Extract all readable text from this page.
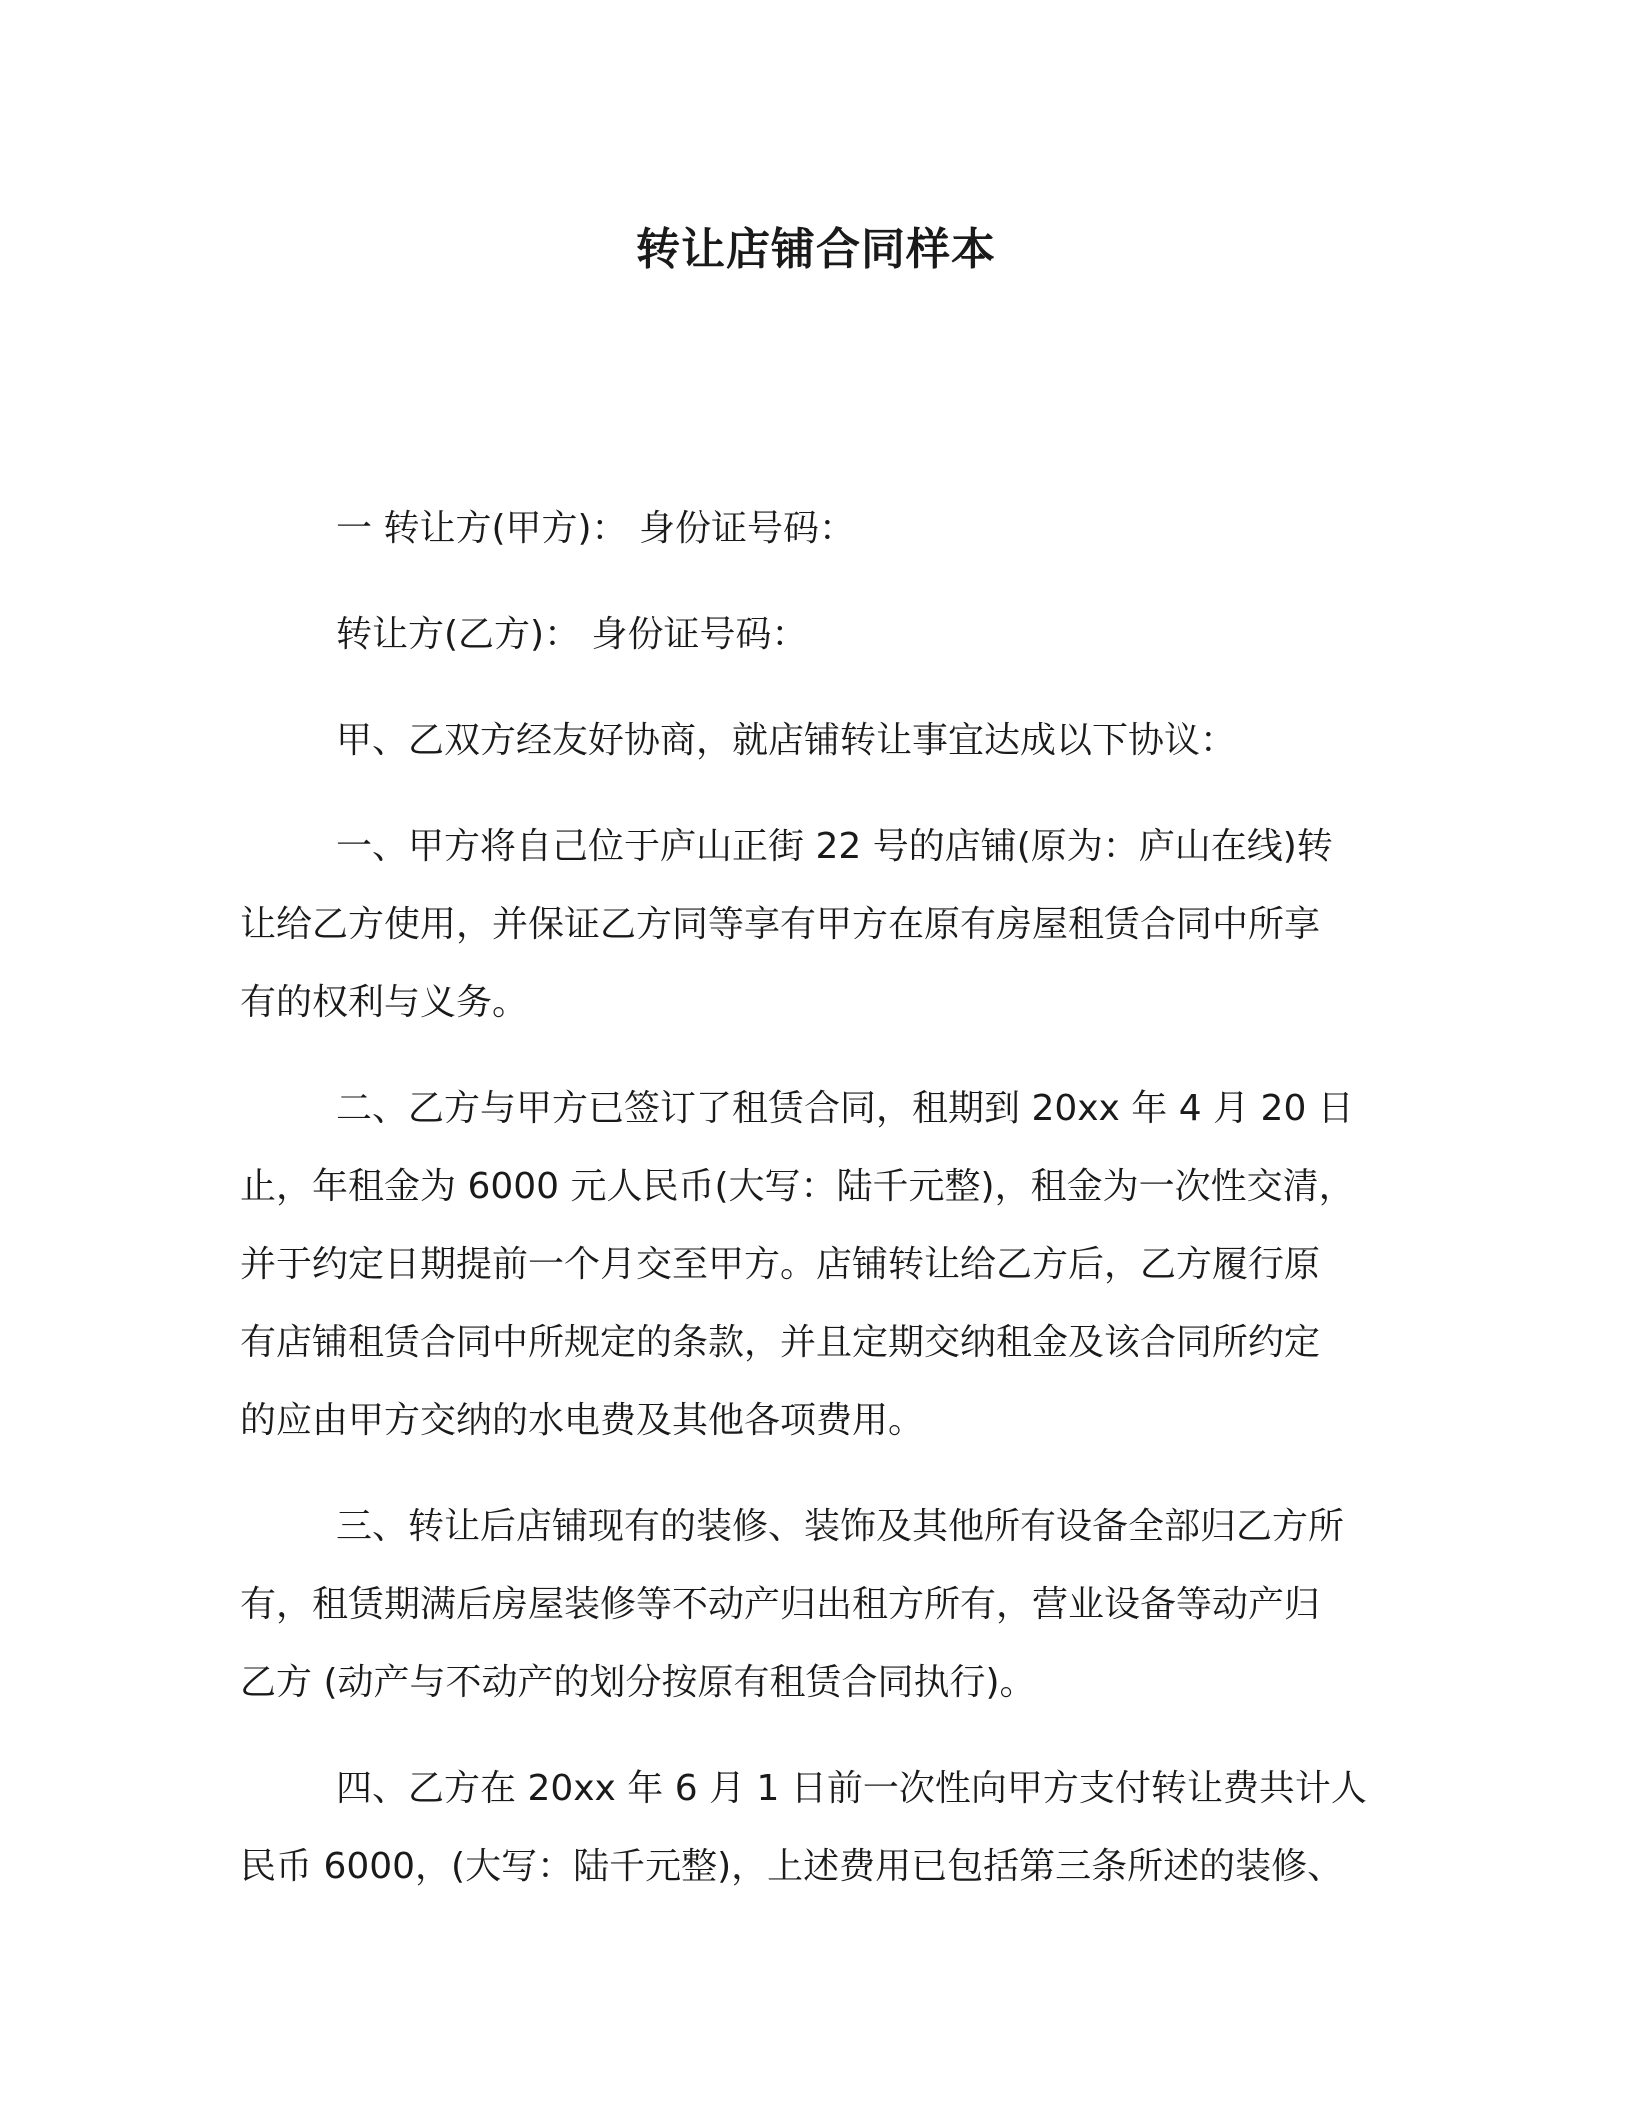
转让店铺合同样本

一 转让方(甲方)： 身份证号码：

转让方(乙方)： 身份证号码：

甲、乙双方经友好协商，就店铺转让事宜达成以下协议：

一、甲方将自己位于庐山正街 22 号的店铺(原为：庐山在线)转

让给乙方使用，并保证乙方同等享有甲方在原有房屋租赁合同中所享

有的权利与义务。

二、乙方与甲方已签订了租赁合同，租期到 20xx 年 4 月 20 日

止，年租金为 6000 元人民币(大写：陆千元整)，租金为一次性交清，

并于约定日期提前一个月交至甲方。店铺转让给乙方后，乙方履行原

有店铺租赁合同中所规定的条款，并且定期交纳租金及该合同所约定

的应由甲方交纳的水电费及其他各项费用。

三、转让后店铺现有的装修、装饰及其他所有设备全部归乙方所

有，租赁期满后房屋装修等不动产归出租方所有，营业设备等动产归

乙方 (动产与不动产的划分按原有租赁合同执行)。

四、乙方在 20xx 年 6 月 1 日前一次性向甲方支付转让费共计人

民币 6000，(大写：陆千元整)，上述费用已包括第三条所述的装修、
